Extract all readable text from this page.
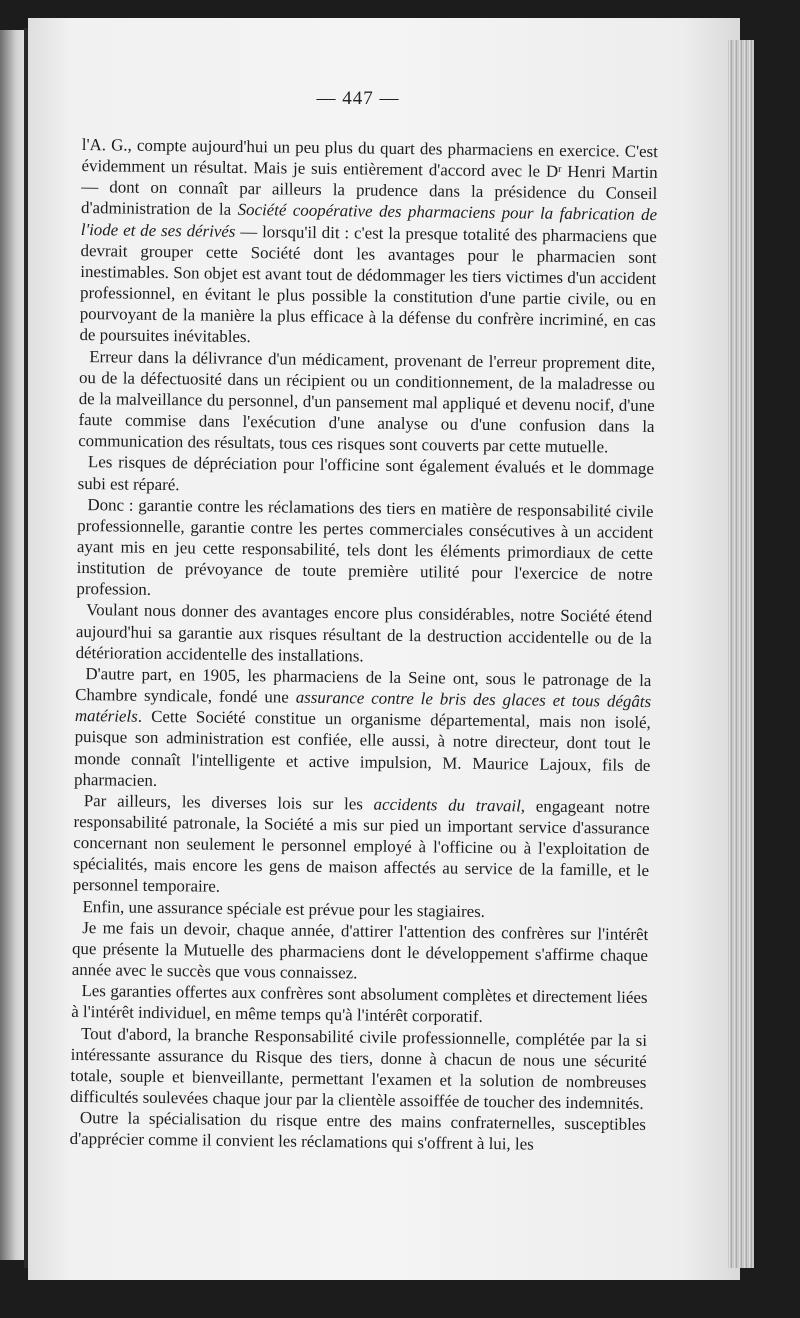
— 447 —

l'A. G., compte aujourd'hui un peu plus du quart des pharmaciens en exercice. C'est évidemment un résultat. Mais je suis entièrement d'accord avec le $D^r$ Henri Martin — dont on connaît par ailleurs la prudence dans la présidence du Conseil d'administration de la Société coopérative des pharmaciens pour la fabrication de l'iode et de ses dérivés — lorsqu'il dit : c'est la presque totalité des pharmaciens que devrait grouper cette Société dont les avantages pour le pharmacien sont inestimables. Son objet est avant tout de dédommager les tiers victimes d'un accident professionnel, en évitant le plus possible la constitution d'une partie civile, ou en pourvoyant de la manière la plus efficace à la défense du confrère incriminé, en cas de poursuites inévitables.

Erreur dans la délivrance d'un médicament, provenant de l'erreur proprement dite, ou de la défectuosité dans un récipient ou un conditionnement, de la maladresse ou de la malveillance du personnel, d'un pansement mal appliqué et devenu nocif, d'une faute commise dans l'exécution d'une analyse ou d'une confusion dans la communication des résultats, tous ces risques sont couverts par cette mutuelle.

Les risques de dépréciation pour l'officine sont également évalués et le dommage subi est réparé.

Donc : garantie contre les réclamations des tiers en matière de responsabilité civile professionnelle, garantie contre les pertes commerciales consécutives à un accident ayant mis en jeu cette responsabilité, tels dont les éléments primordiaux de cette institution de prévoyance de toute première utilité pour l'exercice de notre profession.

Voulant nous donner des avantages encore plus considérables, notre Société étend aujourd'hui sa garantie aux risques résultant de la destruction accidentelle ou de la détérioration accidentelle des installations.

D'autre part, en 1905, les pharmaciens de la Seine ont, sous le patronage de la Chambre syndicale, fondé une assurance contre le bris des glaces et tous dégâts matériels. Cette Société constitue un organisme départemental, mais non isolé, puisque son administration est confiée, elle aussi, à notre directeur, dont tout le monde connaît l'intelligente et active impulsion, M. Maurice Lajoux, fils de pharmacien.

Par ailleurs, les diverses lois sur les accidents du travail, engageant notre responsabilité patronale, la Société a mis sur pied un important service d'assurance concernant non seulement le personnel employé à l'officine ou à l'exploitation de spécialités, mais encore les gens de maison affectés au service de la famille, et le personnel temporaire.

Enfin, une assurance spéciale est prévue pour les stagiaires.

Je me fais un devoir, chaque année, d'attirer l'attention des confrères sur l'intérêt que présente la Mutuelle des pharmaciens dont le développement s'affirme chaque année avec le succès que vous connaissez.

Les garanties offertes aux confrères sont absolument complètes et directement liées à l'intérêt individuel, en même temps qu'à l'intérêt corporatif.

Tout d'abord, la branche Responsabilité civile professionnelle, complétée par la si intéressante assurance du Risque des tiers, donne à chacun de nous une sécurité totale, souple et bienveillante, permettant l'examen et la solution de nombreuses difficultés soulevées chaque jour par la clientèle assoiffée de toucher des indemnités.

Outre la spécialisation du risque entre des mains confraternelles, susceptibles d'apprécier comme il convient les réclamations qui s'offrent à lui, les
